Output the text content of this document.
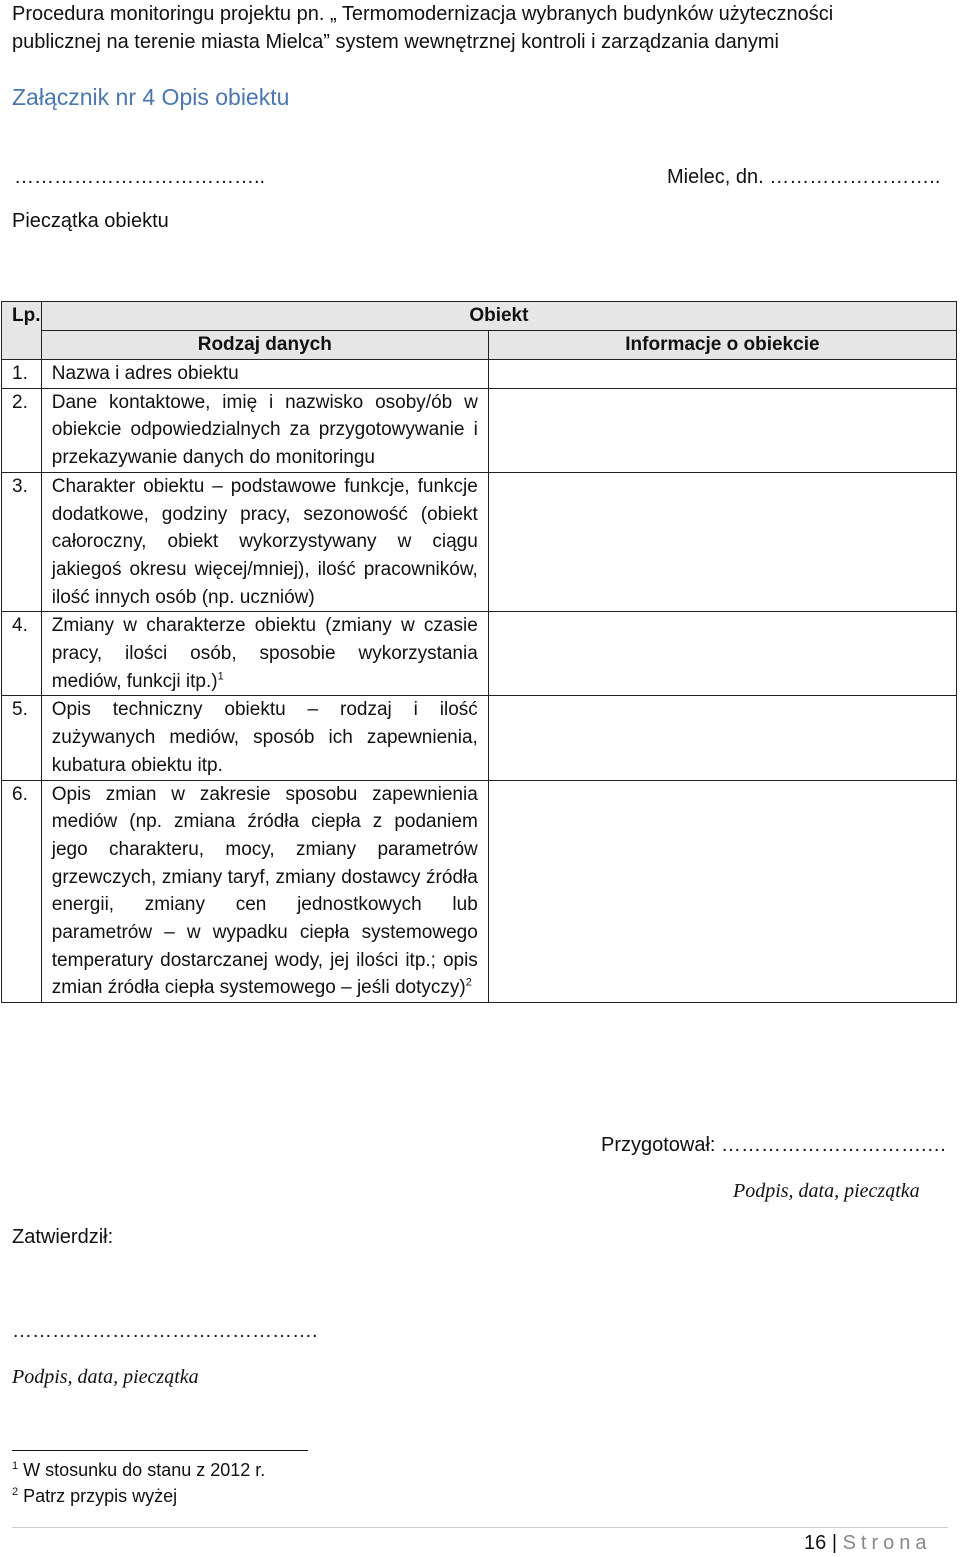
Procedura monitoringu projektu pn. „ Termomodernizacja wybranych budynków użyteczności
publicznej na terenie miasta Mielca” system wewnętrznej kontroli i zarządzania danymi
Załącznik nr 4 Opis obiektu
………………………………..	Mielec, dn. ……………………..
Pieczątka obiektu
Lp.	Obiekt	
	Rodzaj danych	Informacje o obiekcie
1.	Nazwa i adres obiektu	
2.	Dane kontaktowe, imię i nazwisko osoby/ób w obiekcie odpowiedzialnych za przygotowywanie i przekazywanie danych do monitoringu	
3.	Charakter obiektu – podstawowe funkcje, funkcje dodatkowe, godziny pracy, sezonowość (obiekt całoroczny, obiekt wykorzystywany w ciągu jakiegoś okresu więcej/mniej), ilość pracowników, ilość innych osób (np. uczniów)	
4.	Zmiany w charakterze obiektu (zmiany w czasie pracy, ilości osób, sposobie wykorzystania mediów, funkcji itp.)$^1$	
5.	Opis techniczny obiektu – rodzaj i ilość zużywanych mediów, sposób ich zapewnienia, kubatura obiektu itp.	
6.	Opis zmian w zakresie sposobu zapewnienia mediów (np. zmiana źródła ciepła z podaniem jego charakteru, mocy, zmiany parametrów grzewczych, zmiany taryf, zmiany dostawcy źródła energii, zmiany cen jednostkowych lub parametrów – w wypadku ciepła systemowego temperatury dostarczanej wody, jej ilości itp.; opis zmian źródła ciepła systemowego – jeśli dotyczy)$^2$	
Przygotował: ………………………….…
Podpis, data, pieczątka
Zatwierdził:
……………………………………….
Podpis, data, pieczątka
$^1$ W stosunku do stanu z 2012 r.
$^2$ Patrz przypis wyżej
16 | Strona
